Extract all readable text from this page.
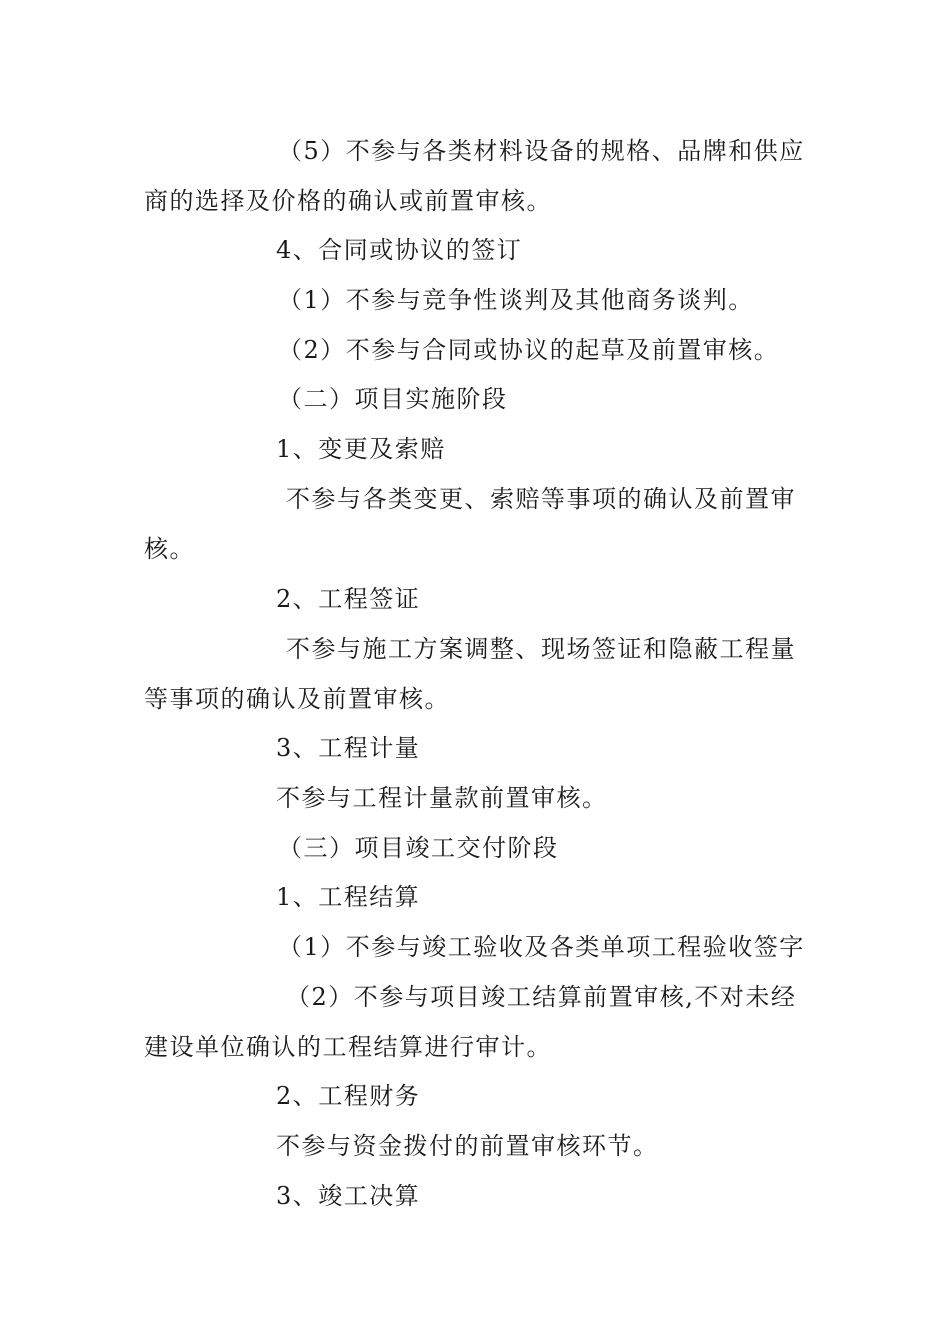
（5）不参与各类材料设备的规格、品牌和供应
商的选择及价格的确认或前置审核。
4、合同或协议的签订
（1）不参与竞争性谈判及其他商务谈判。
（2）不参与合同或协议的起草及前置审核。
（二）项目实施阶段
1、变更及索赔
不参与各类变更、索赔等事项的确认及前置审
核。
2、工程签证
不参与施工方案调整、现场签证和隐蔽工程量
等事项的确认及前置审核。
3、工程计量
不参与工程计量款前置审核。
（三）项目竣工交付阶段
1、工程结算
（1）不参与竣工验收及各类单项工程验收签字
（2）不参与项目竣工结算前置审核,不对未经
建设单位确认的工程结算进行审计。
2、工程财务
不参与资金拨付的前置审核环节。
3、竣工决算
